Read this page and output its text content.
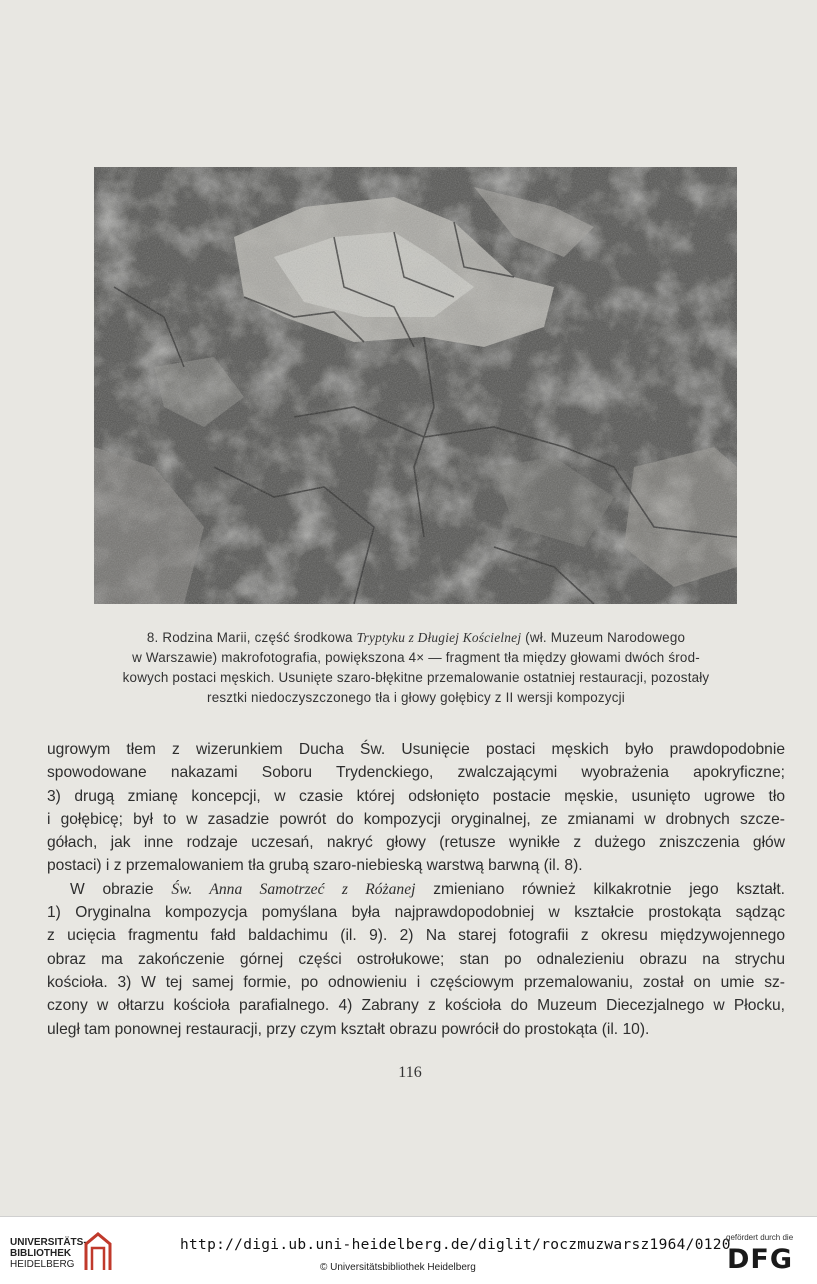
8. Rodzina Marii, część środkowa Tryptyku z Długiej Kościelnej (wł. Muzeum Narodowego
w Warszawie) makrofotografia, powiększona 4× — fragment tła między głowami dwóch środ-
kowych postaci męskich. Usunięte szaro-błękitne przemalowanie ostatniej restauracji, pozostały
resztki niedoczyszczonego tła i głowy gołębicy z II wersji kompozycji
ugrowym tłem z wizerunkiem Ducha Św. Usunięcie postaci męskich było prawdopodobnie
spowodowane nakazami Soboru Trydenckiego, zwalczającymi wyobrażenia apokryficzne;
3) drugą zmianę koncepcji, w czasie której odsłonięto postacie męskie, usunięto ugrowe tło
i gołębicę; był to w zasadzie powrót do kompozycji oryginalnej, ze zmianami w drobnych szcze-
gółach, jak inne rodzaje uczesań, nakryć głowy (retusze wynikłe z dużego zniszczenia głów
postaci) i z przemalowaniem tła grubą szaro-niebieską warstwą barwną (il. 8).
W obrazie Św. Anna Samotrzeć z Różanej zmieniano również kilkakrotnie jego kształt.
1) Oryginalna kompozycja pomyślana była najprawdopodobniej w kształcie prostokąta sądząc
z ucięcia fragmentu fałd baldachimu (il. 9). 2) Na starej fotografii z okresu międzywojennego
obraz ma zakończenie górnej części ostrołukowe; stan po odnalezieniu obrazu na strychu
kościoła. 3) W tej samej formie, po odnowieniu i częściowym przemalowaniu, został on umie sz-
czony w ołtarzu kościoła parafialnego. 4) Zabrany z kościoła do Muzeum Diecezjalnego w Płocku,
uległ tam ponownej restauracji, przy czym kształt obrazu powrócił do prostokąta (il. 10).
116
UNIVERSITÄTS-
BIBLIOTHEK
HEIDELBERG
http://digi.ub.uni-heidelberg.de/diglit/roczmuzwarsz1964/0120
© Universitätsbibliothek Heidelberg
gefördert durch die
DFG
